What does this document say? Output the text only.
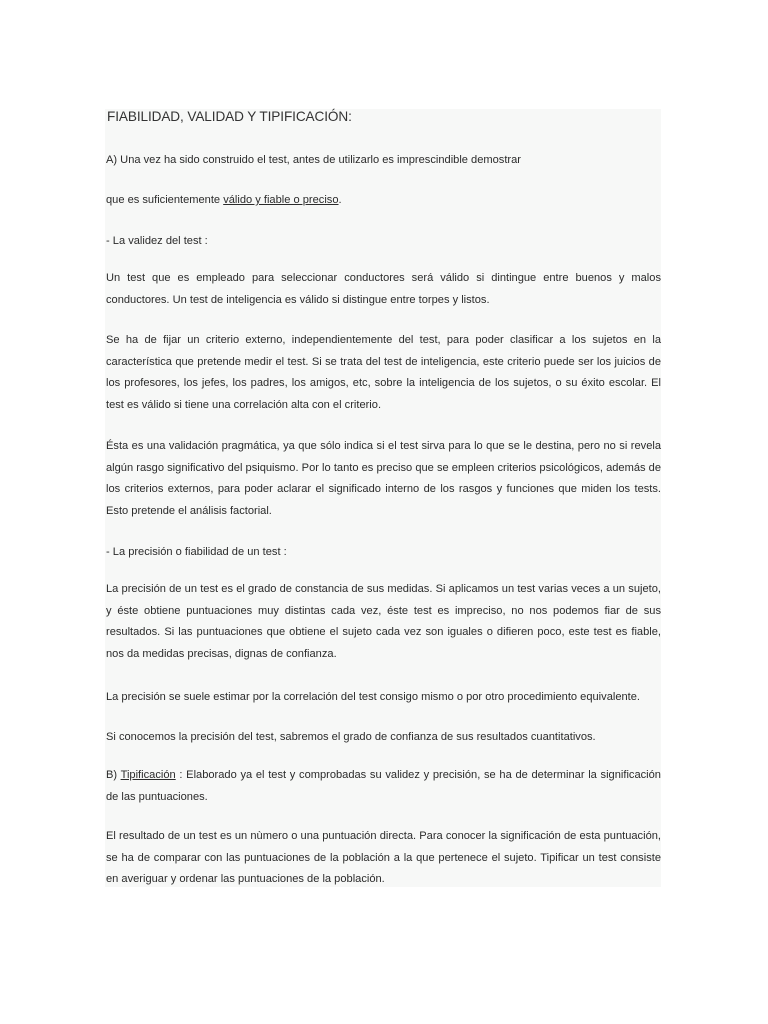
FIABILIDAD, VALIDAD Y TIPIFICACIÓN:
A) Una vez ha sido construido el test, antes de utilizarlo es imprescindible demostrar
que es suficientemente válido y fiable o preciso.
- La validez del test :
Un test que es empleado para seleccionar conductores será válido si dintingue entre buenos y malos conductores. Un test de inteligencia es válido si distingue entre torpes y listos.
Se ha de fijar un criterio externo, independientemente del test, para poder clasificar a los sujetos en la característica que pretende medir el test. Si se trata del test de inteligencia, este criterio puede ser los juicios de los profesores, los jefes, los padres, los amigos, etc, sobre la inteligencia de los sujetos, o su éxito escolar. El test es válido si tiene una correlación alta con el criterio.
Ésta es una validación pragmática, ya que sólo indica si el test sirva para lo que se le destina, pero no si revela algún rasgo significativo del psiquismo. Por lo tanto es preciso que se empleen criterios psicológicos, además de los criterios externos, para poder aclarar el significado interno de los rasgos y funciones que miden los tests. Esto pretende el análisis factorial.
- La precisión o fiabilidad de un test :
La precisión de un test es el grado de constancia de sus medidas. Si aplicamos un test varias veces a un sujeto, y éste obtiene puntuaciones muy distintas cada vez, éste test es impreciso, no nos podemos fiar de sus resultados. Si las puntuaciones que obtiene el sujeto cada vez son iguales o difieren poco, este test es fiable, nos da medidas precisas, dignas de confianza.
La precisión se suele estimar por la correlación del test consigo mismo o por otro procedimiento equivalente.
Si conocemos la precisión del test, sabremos el grado de confianza de sus resultados cuantitativos.
B) Tipificación : Elaborado ya el test y comprobadas su validez y precisión, se ha de determinar la significación de las puntuaciones.
El resultado de un test es un nùmero o una puntuación directa. Para conocer la significación de esta puntuación, se ha de comparar con las puntuaciones de la población a la que pertenece el sujeto. Tipificar un test consiste en averiguar y ordenar las puntuaciones de la población.
